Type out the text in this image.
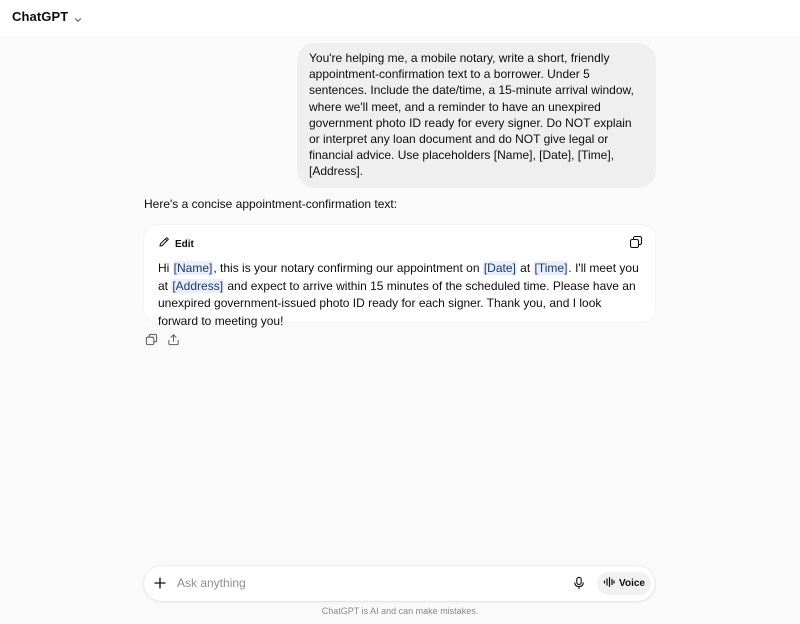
ChatGPT
You're helping me, a mobile notary, write a short, friendly appointment-confirmation text to a borrower. Under 5 sentences. Include the date/time, a 15-minute arrival window, where we'll meet, and a reminder to have an unexpired government photo ID ready for every signer. Do NOT explain or interpret any loan document and do NOT give legal or financial advice. Use placeholders [Name], [Date], [Time], [Address].
Here's a concise appointment-confirmation text:
Edit
Hi [Name], this is your notary confirming our appointment on [Date] at [Time]. I'll meet you at [Address] and expect to arrive within 15 minutes of the scheduled time. Please have an unexpired government-issued photo ID ready for each signer. Thank you, and I look forward to meeting you!
Ask anything
Voice
ChatGPT is AI and can make mistakes.
